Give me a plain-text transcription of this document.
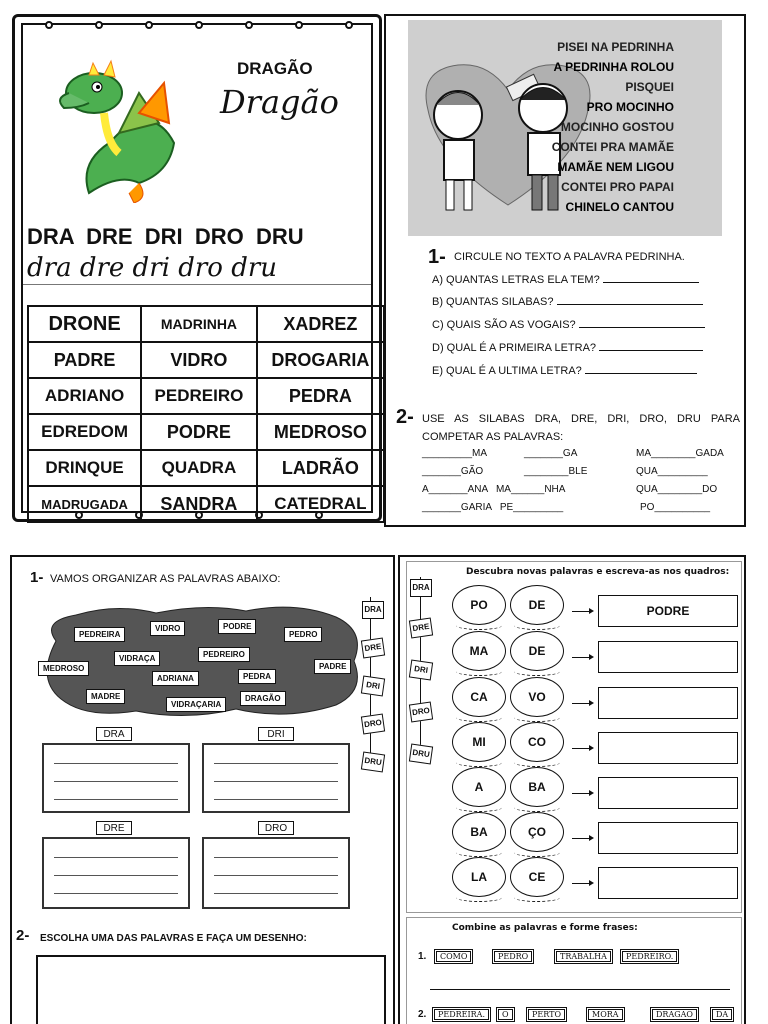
DRAGÃO
Dragão
DRA  DRE  DRI  DRO  DRU
dra dre dri dro dru
DRONE	MADRINHA	XADREZ
PADRE	VIDRO	DROGARIA
ADRIANO	PEDREIRO	PEDRA
EDREDOM	PODRE	MEDROSO
DRINQUE	QUADRA	LADRÃO
MADRUGADA	SANDRA	CATEDRAL
PISEI NA PEDRINHA
A PEDRINHA ROLOU
PISQUEI
PRO MOCINHO
MOCINHO GOSTOU
CONTEI PRA MAMÃE
MAMÃE NEM LIGOU
CONTEI PRO PAPAI
CHINELO CANTOU
1- CIRCULE NO TEXTO A PALAVRA PEDRINHA.
A) QUANTAS LETRAS ELA TEM?
B) QUANTAS SILABAS?
C) QUAIS SÃO AS VOGAIS?
D) QUAL É A PRIMEIRA LETRA?
E) QUAL É A ULTIMA LETRA?
2- USE AS SILABAS DRA, DRE, DRI, DRO, DRU PARA COMPETAR AS PALAVRAS:
_________MA	_______GA	MA________GADA
_______GÃO	________BLE	QUA_________
A_______ANA   MA______NHA	QUA________DO
_______GARIA   PE_________	PO__________
1- VAMOS ORGANIZAR AS PALAVRAS ABAIXO:
PEDREIRA
VIDRO	PODRE
PEDRO
MEDROSO
VIDRAÇA	PEDREIRO
PADRE
ADRIANA	PEDRA
MADRE
VIDRAÇARIA
DRAGÃO
DRA
DRE
DRI
DRO
DRU
DRA	DRI
DRE	DRO
2- ESCOLHA UMA DAS PALAVRAS E FAÇA UM DESENHO:
Descubra novas palavras e escreva-as nos quadros:
DRA
DRE
DRI
DRO
DRU
PO	DE	PODRE
MA	DE
CA	VO
MI	CO
A	BA
BA	ÇO
LA	CE
Combine as palavras e forme frases:
1.	COMO	PEDRO	TRABALHA	PEDREIRO.
2.	PEDREIRA.	O	PERTO	MORA	DRAGÃO	DA
